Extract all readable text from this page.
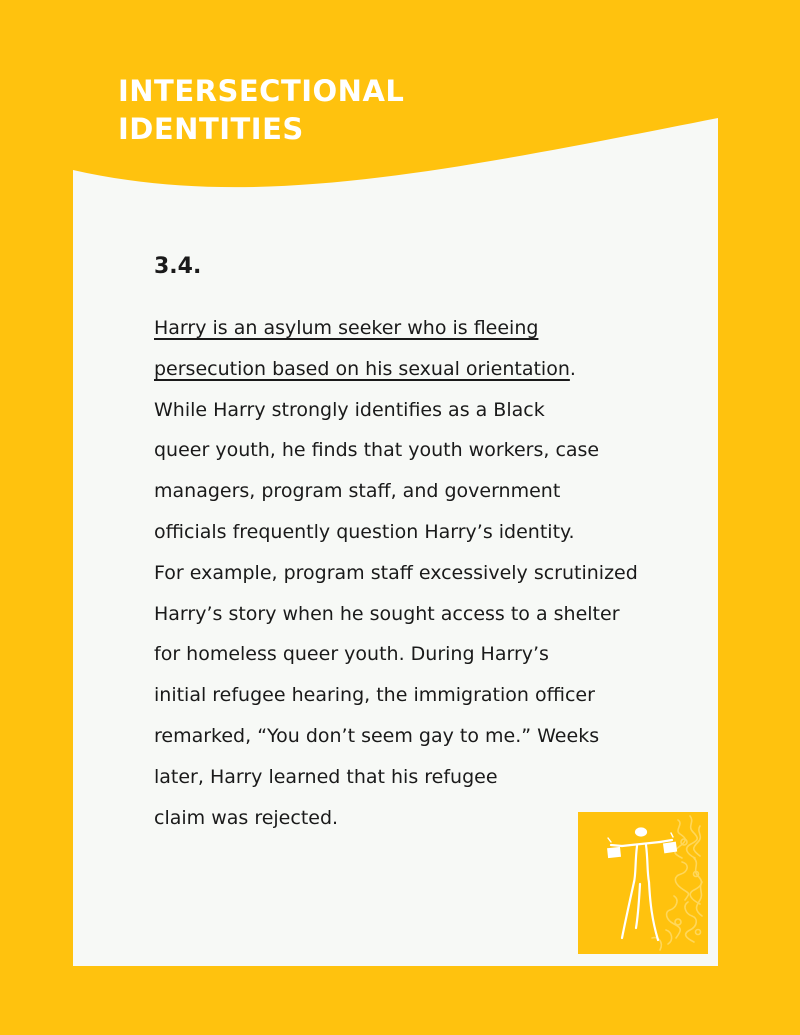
INTERSECTIONAL
IDENTITIES
3.4.

Harry is an asylum seeker who is fleeing
persecution based on his sexual orientation.
While Harry strongly identifies as a Black
queer youth, he finds that youth workers, case
managers, program staff, and government
officials frequently question Harry’s identity.
For example, program staff excessively scrutinized
Harry’s story when he sought access to a shelter
for homeless queer youth. During Harry’s
initial refugee hearing, the immigration officer
remarked, “You don’t seem gay to me.” Weeks
later, Harry learned that his refugee
claim was rejected.
